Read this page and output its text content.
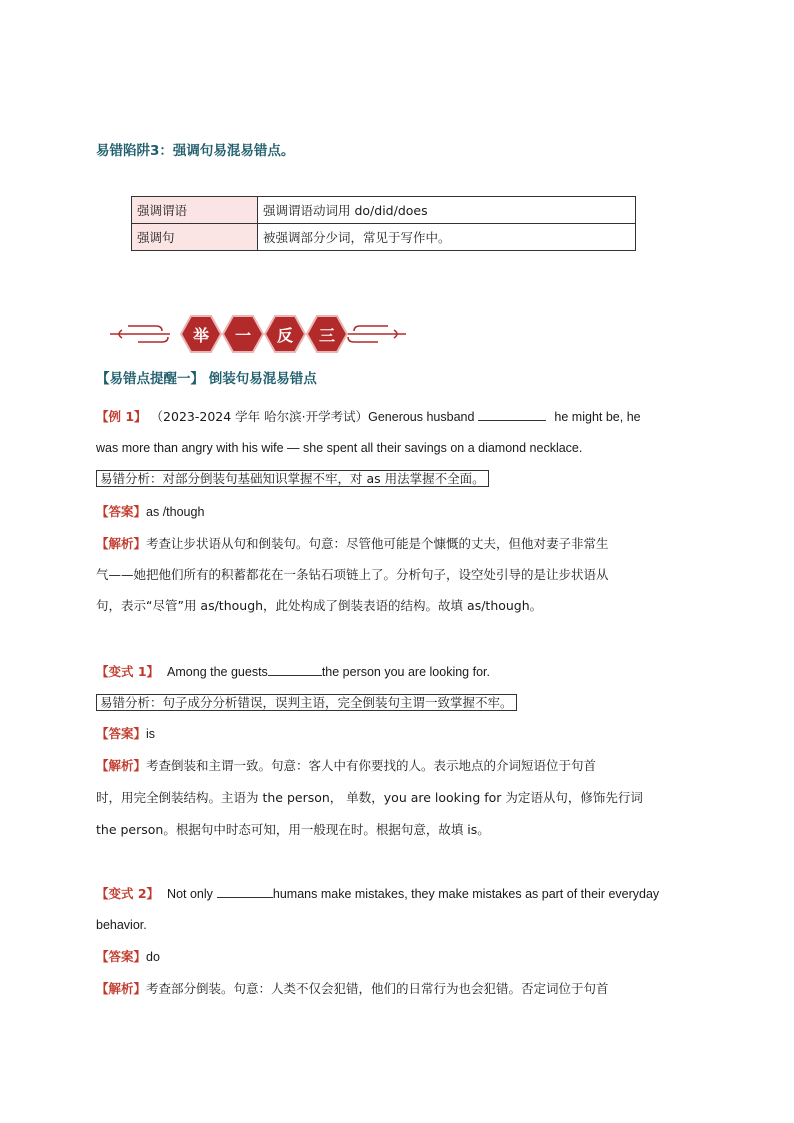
易错陷阱3：强调句易混易错点。
强调谓语	强调谓语动词用 do/did/does
强调句	被强调部分少词，常见于写作中。
举 一 反 三
【易错点提醒一】 倒装句易混易错点
【例 1】 （2023-2024 学年 哈尔滨·开学考试）Generous husband	he might be, he
was more than angry with his wife — she spent all their savings on a diamond necklace.
易错分析：对部分倒装句基础知识掌握不牢，对 as 用法掌握不全面。
【答案】as /though
【解析】考查让步状语从句和倒装句。句意：尽管他可能是个慷慨的丈夫，但他对妻子非常生
气——她把他们所有的积蓄都花在一条钻石项链上了。分析句子，设空处引导的是让步状语从
句，表示“尽管”用 as/though，此处构成了倒装表语的结构。故填 as/though。
【变式 1】 Among the guests	the person you are looking for.
易错分析：句子成分分析错误，误判主语，完全倒装句主谓一致掌握不牢。
【答案】is
【解析】考查倒装和主谓一致。句意：客人中有你要找的人。表示地点的介词短语位于句首
时，用完全倒装结构。主语为 the person， 单数，you are looking for 为定语从句，修饰先行词
the person。根据句中时态可知，用一般现在时。根据句意，故填 is。
【变式 2】 Not only	humans make mistakes, they make mistakes as part of their everyday
behavior.
【答案】do
【解析】考查部分倒装。句意：人类不仅会犯错，他们的日常行为也会犯错。否定词位于句首
